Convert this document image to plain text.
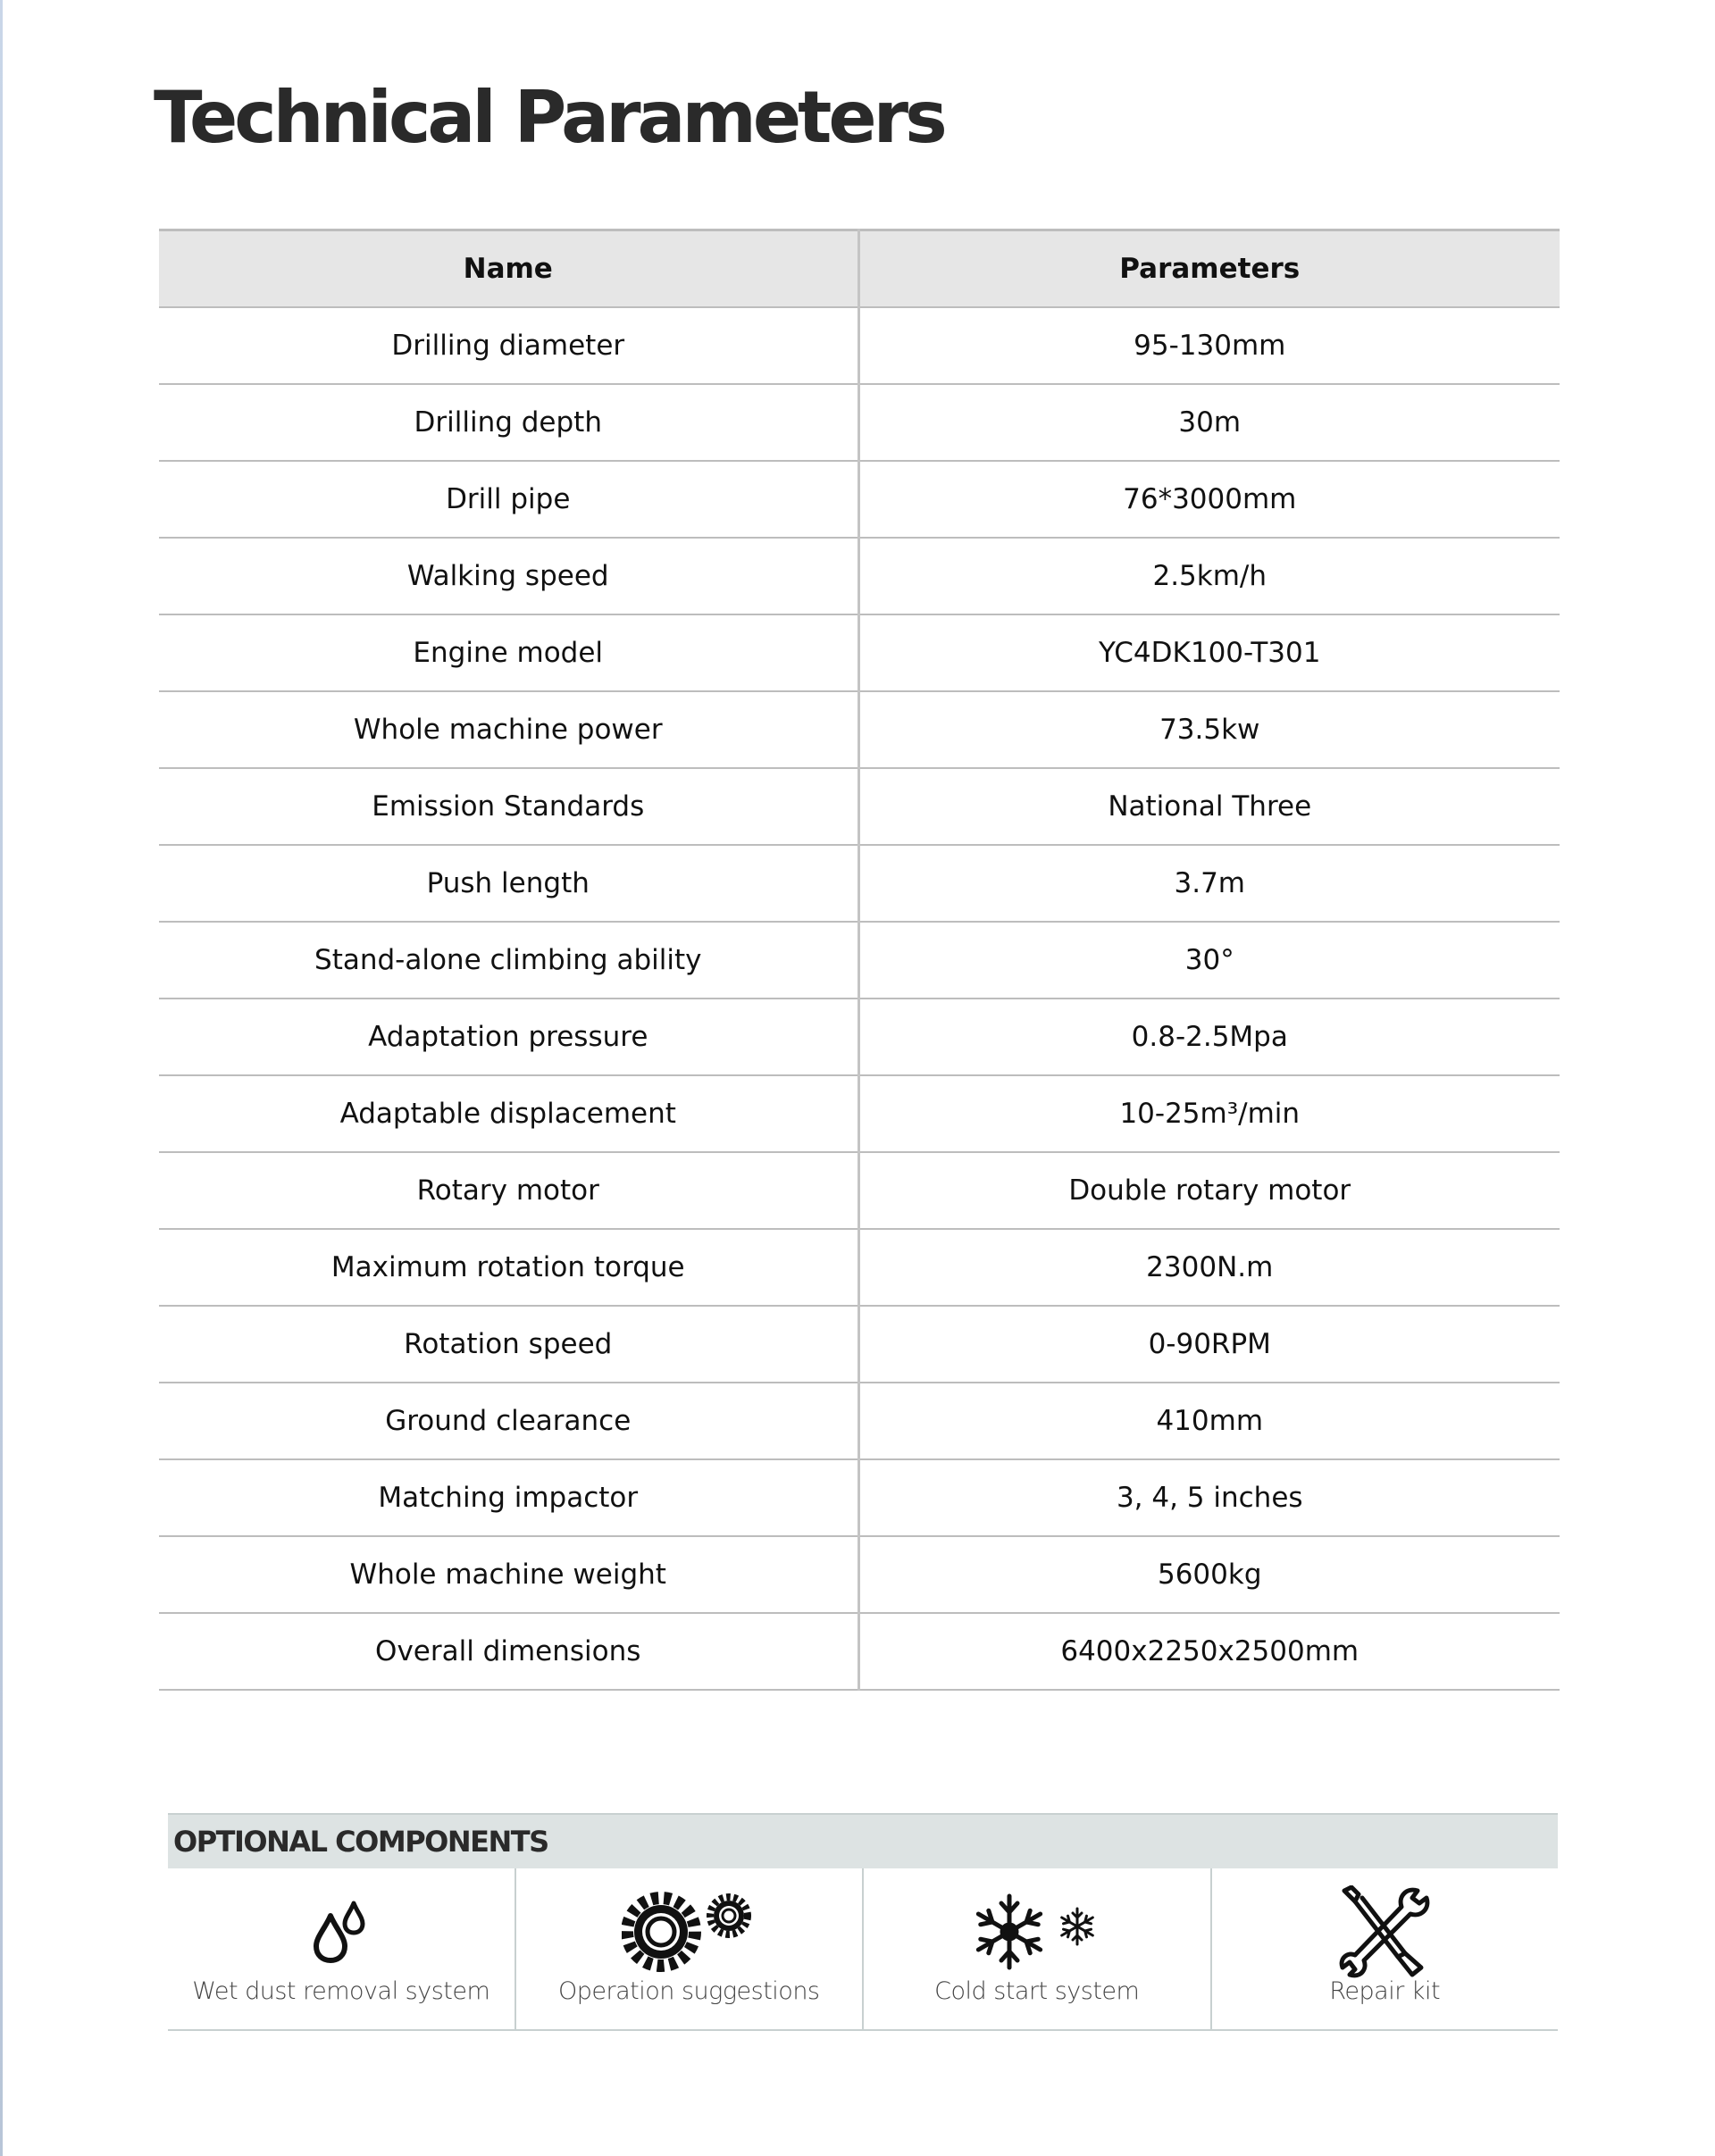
Technical Parameters
Name	Parameters
Drilling diameter	95-130mm
Drilling depth	30m
Drill pipe	76*3000mm
Walking speed	2.5km/h
Engine model	YC4DK100-T301
Whole machine power	73.5kw
Emission Standards	National Three
Push length	3.7m
Stand-alone climbing ability	30°
Adaptation pressure	0.8-2.5Mpa
Adaptable displacement	10-25m³/min
Rotary motor	Double rotary motor
Maximum rotation torque	2300N.m
Rotation speed	0-90RPM
Ground clearance	410mm
Matching impactor	3, 4, 5 inches
Whole machine weight	5600kg
Overall dimensions	6400x2250x2500mm
OPTIONAL COMPONENTS
Wet dust removal system	Operation suggestions	Cold start system	Repair kit
